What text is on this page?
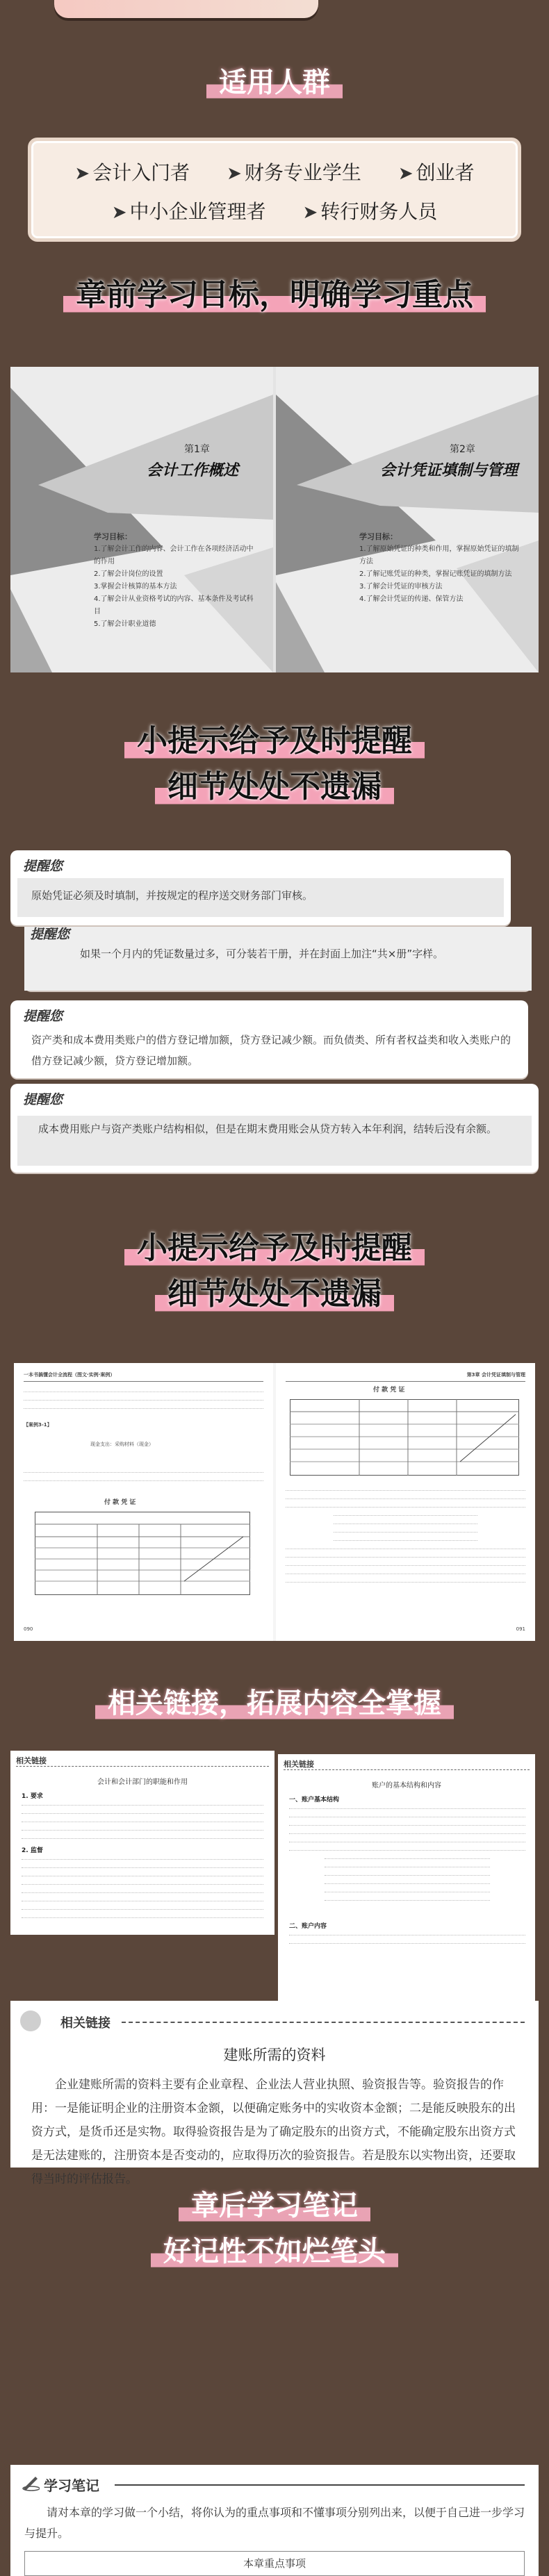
适用人群
➤ 会计入门者 ➤ 财务专业学生 ➤ 创业者
➤ 中小企业管理者 ➤ 转行财务人员
章前学习目标，明确学习重点
第1章
会计工作概述
学习目标：
1.了解会计工作的内容、会计工作在各项经济活动中的作用
2.了解会计岗位的设置
3.掌握会计核算的基本方法
4.了解会计从业资格考试的内容、基本条件及考试科目
5.了解会计职业道德
第2章
会计凭证填制与管理
学习目标：
1.了解原始凭证的种类和作用，掌握原始凭证的填制方法
2.了解记账凭证的种类，掌握记账凭证的填制方法
3.了解会计凭证的审核方法
4.了解会计凭证的传递、保管方法
小提示给予及时提醒
细节处处不遗漏
提醒您
原始凭证必须及时填制，并按规定的程序送交财务部门审核。
如果一个月内的凭证数量过多，可分装若干册，并在封面上加注“共×册”字样。
提醒您
提醒您
资产类和成本费用类账户的借方登记增加额，贷方登记减少额。而负债类、所有者权益类和收入类账户的借方登记减少额，贷方登记增加额。
提醒您
成本费用账户与资产类账户结构相似，但是在期末费用账会从贷方转入本年利润，结转后没有余额。
小提示给予及时提醒
细节处处不遗漏
一本书搞懂会计全流程（图文·实例·案例）
【案例3-1】
现金支出：采购材料（现金）
付 款 凭 证
090
第3章 会计凭证填制与管理
付 款 凭 证
091
相关链接，拓展内容全掌握
相关链接
会计和会计部门的职能和作用
1. 要求
2. 监督
相关链接
账户的基本结构和内容
一、账户基本结构
二、账户内容
相关链接
建账所需的资料
企业建账所需的资料主要有企业章程、企业法人营业执照、验资报告等。验资报告的作用：一是能证明企业的注册资本金额，以便确定账务中的实收资本金额；二是能反映股东的出资方式，是货币还是实物。取得验资报告是为了确定股东的出资方式，不能确定股东出资方式是无法建账的，注册资本是否变动的，应取得历次的验资报告。若是股东以实物出资，还要取得当时的评估报告。
章后学习笔记
好记性不如烂笔头
学习笔记
请对本章的学习做一个小结，将你认为的重点事项和不懂事项分别列出来，以便于自己进一步学习与提升。
本章重点事项
